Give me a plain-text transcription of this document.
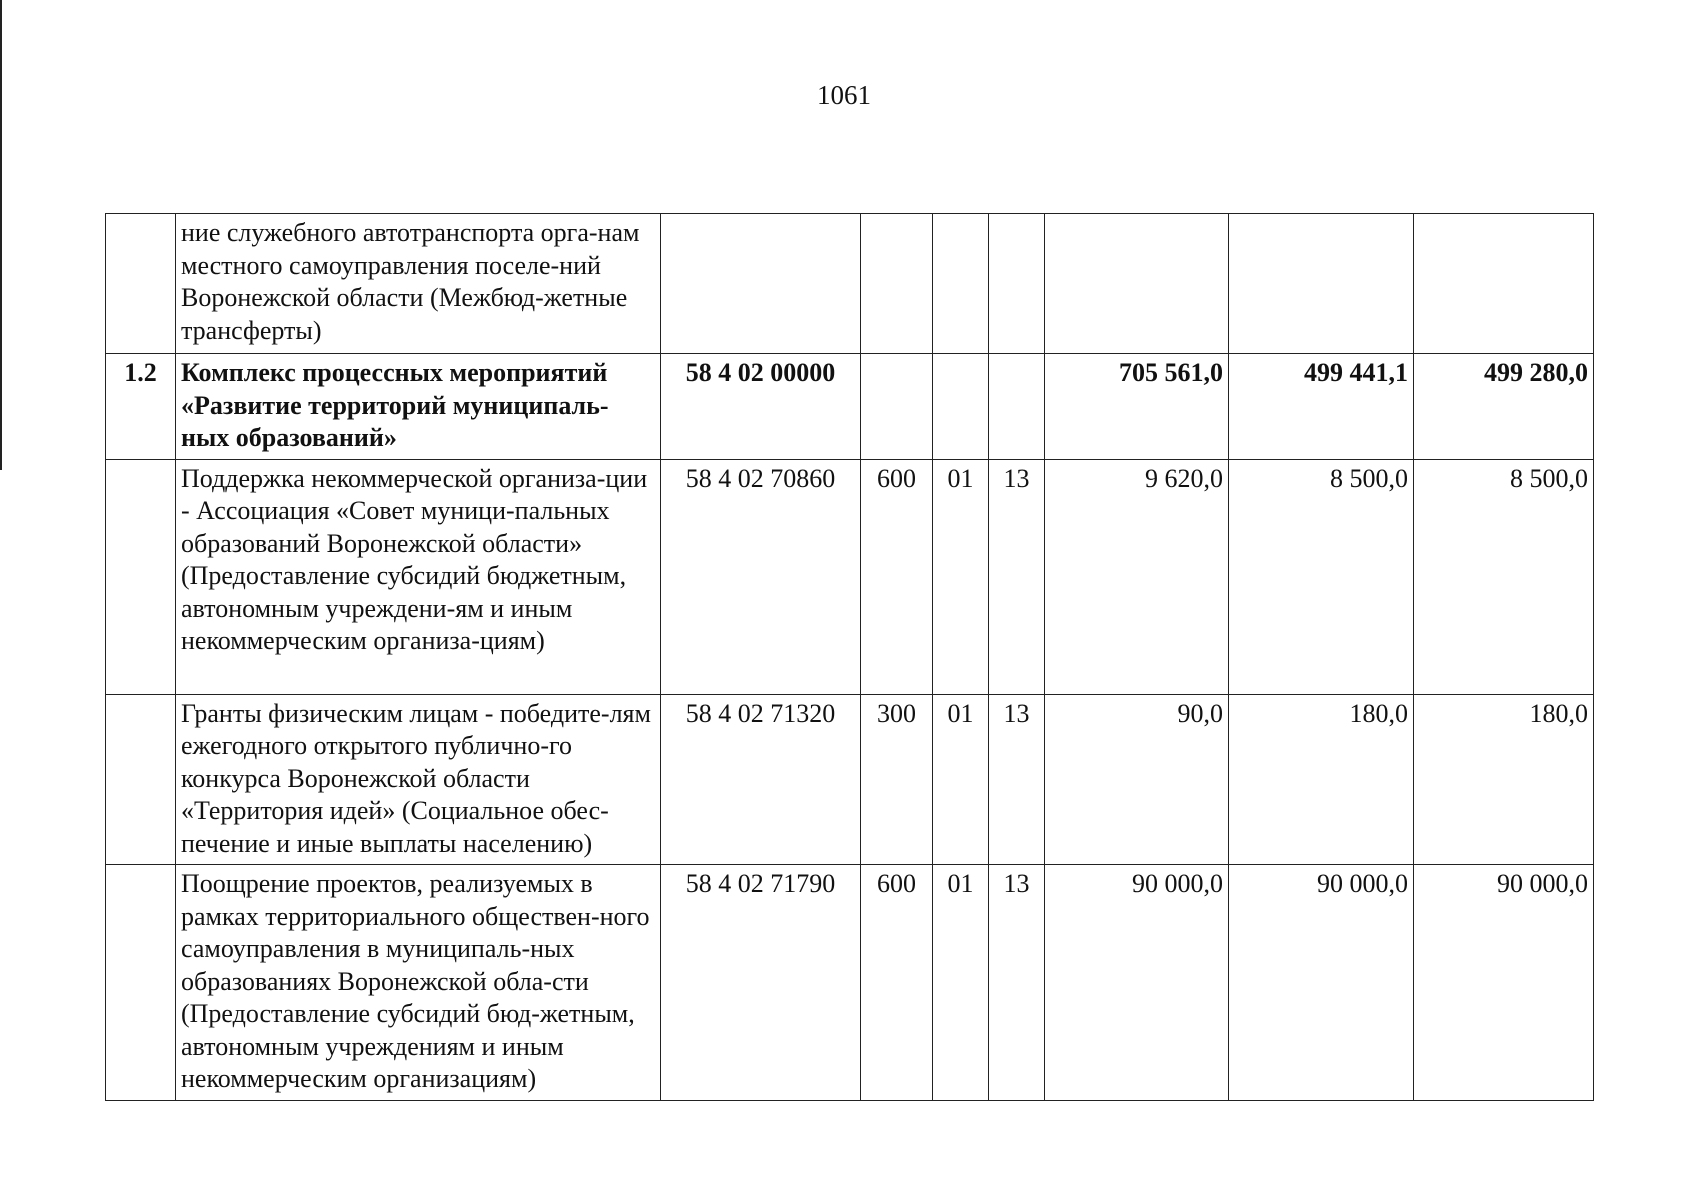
1061
	ние служебного автотранспорта орга-нам местного самоуправления поселе-ний Воронежской области (Межбюд-жетные трансферты)							
1.2	Комплекс процессных мероприятий «Развитие территорий муниципаль-ных образований»	58 4 02 00000				705 561,0	499 441,1	499 280,0
	Поддержка некоммерческой организа-ции - Ассоциация «Совет муници-пальных образований Воронежской области» (Предоставление субсидий бюджетным, автономным учреждени-ям и иным некоммерческим организа-циям)	58 4 02 70860	600	01	13	9 620,0	8 500,0	8 500,0
	Гранты физическим лицам - победите-лям ежегодного открытого публично-го конкурса Воронежской области «Территория идей» (Социальное обес-печение и иные выплаты населению)	58 4 02 71320	300	01	13	90,0	180,0	180,0
	Поощрение проектов, реализуемых в рамках территориального обществен-ного самоуправления в муниципаль-ных образованиях Воронежской обла-сти (Предоставление субсидий бюд-жетным, автономным учреждениям и иным некоммерческим организациям)	58 4 02 71790	600	01	13	90 000,0	90 000,0	90 000,0
